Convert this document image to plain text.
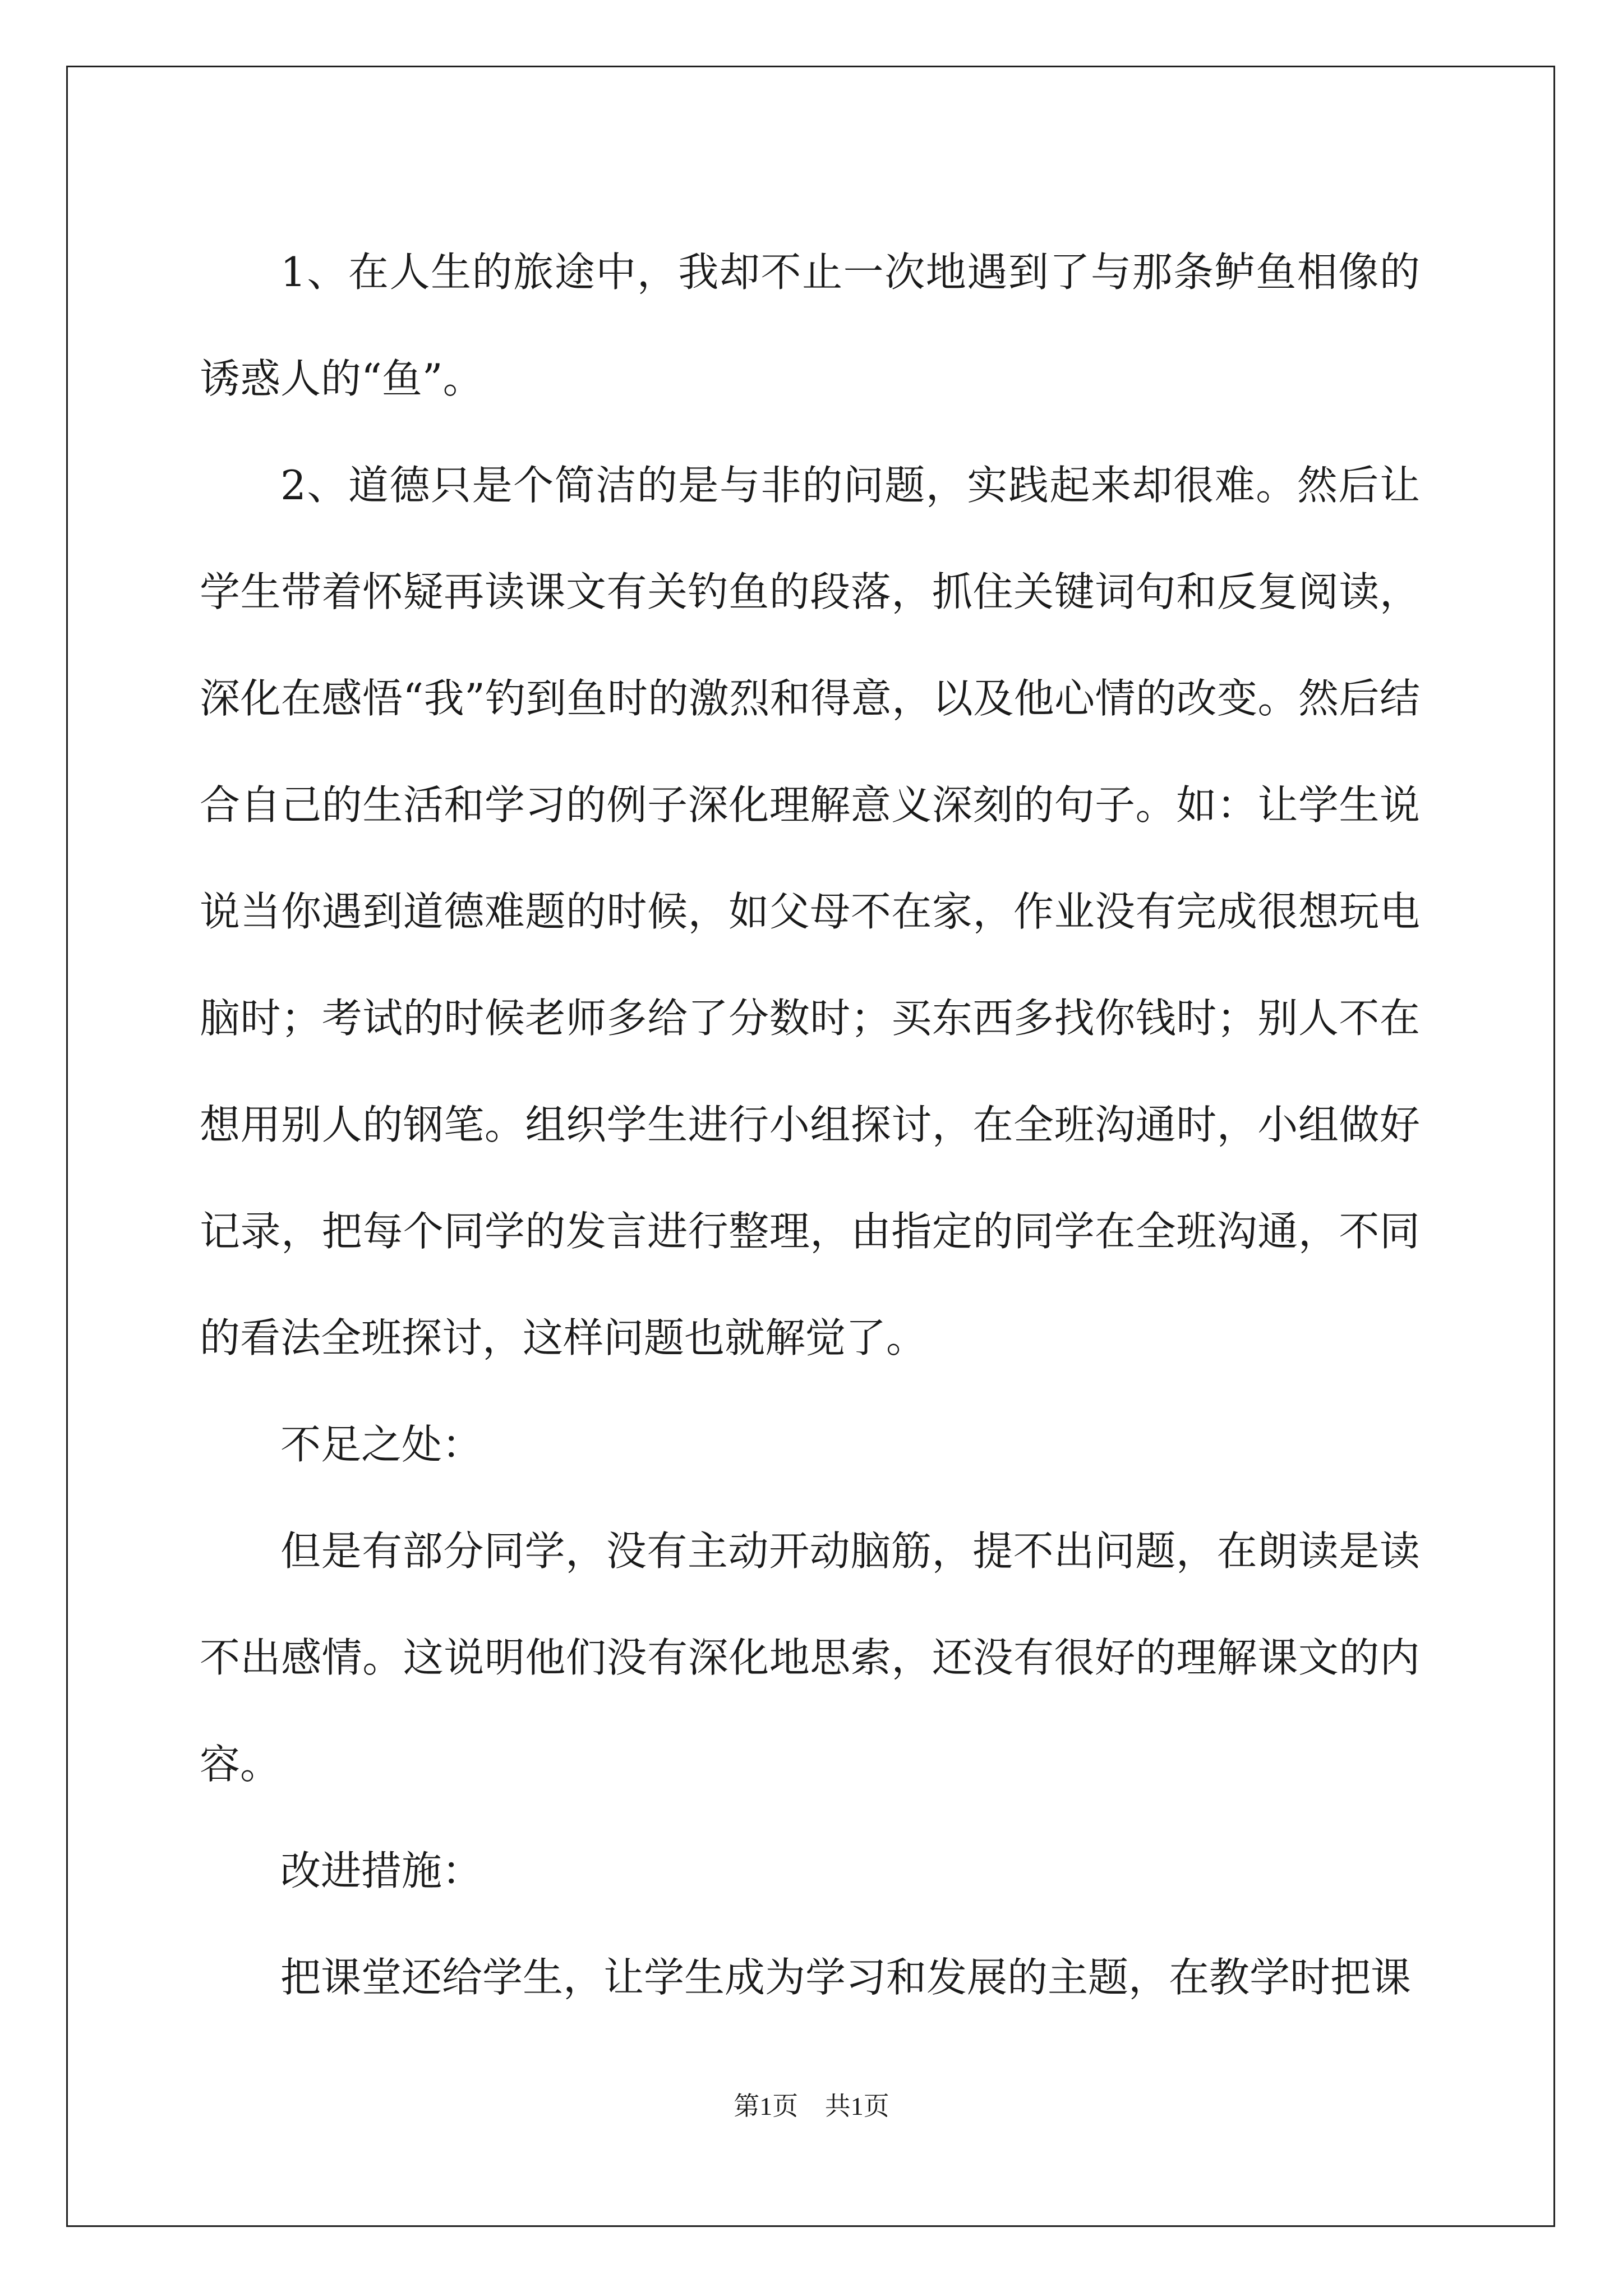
1、在人生的旅途中，我却不止一次地遇到了与那条鲈鱼相像的诱惑人的“鱼”。

2、道德只是个简洁的是与非的问题，实践起来却很难。然后让学生带着怀疑再读课文有关钓鱼的段落，抓住关键词句和反复阅读，深化在感悟“我”钓到鱼时的激烈和得意，以及他心情的改变。然后结合自己的生活和学习的例子深化理解意义深刻的句子。如：让学生说说当你遇到道德难题的时候，如父母不在家，作业没有完成很想玩电脑时；考试的时候老师多给了分数时；买东西多找你钱时；别人不在想用别人的钢笔。组织学生进行小组探讨，在全班沟通时，小组做好记录，把每个同学的发言进行整理，由指定的同学在全班沟通，不同的看法全班探讨，这样问题也就解觉了。

不足之处：

但是有部分同学，没有主动开动脑筋，提不出问题，在朗读是读不出感情。这说明他们没有深化地思索，还没有很好的理解课文的内容。

改进措施：

把课堂还给学生，让学生成为学习和发展的主题，在教学时把课

第1页 共1页
